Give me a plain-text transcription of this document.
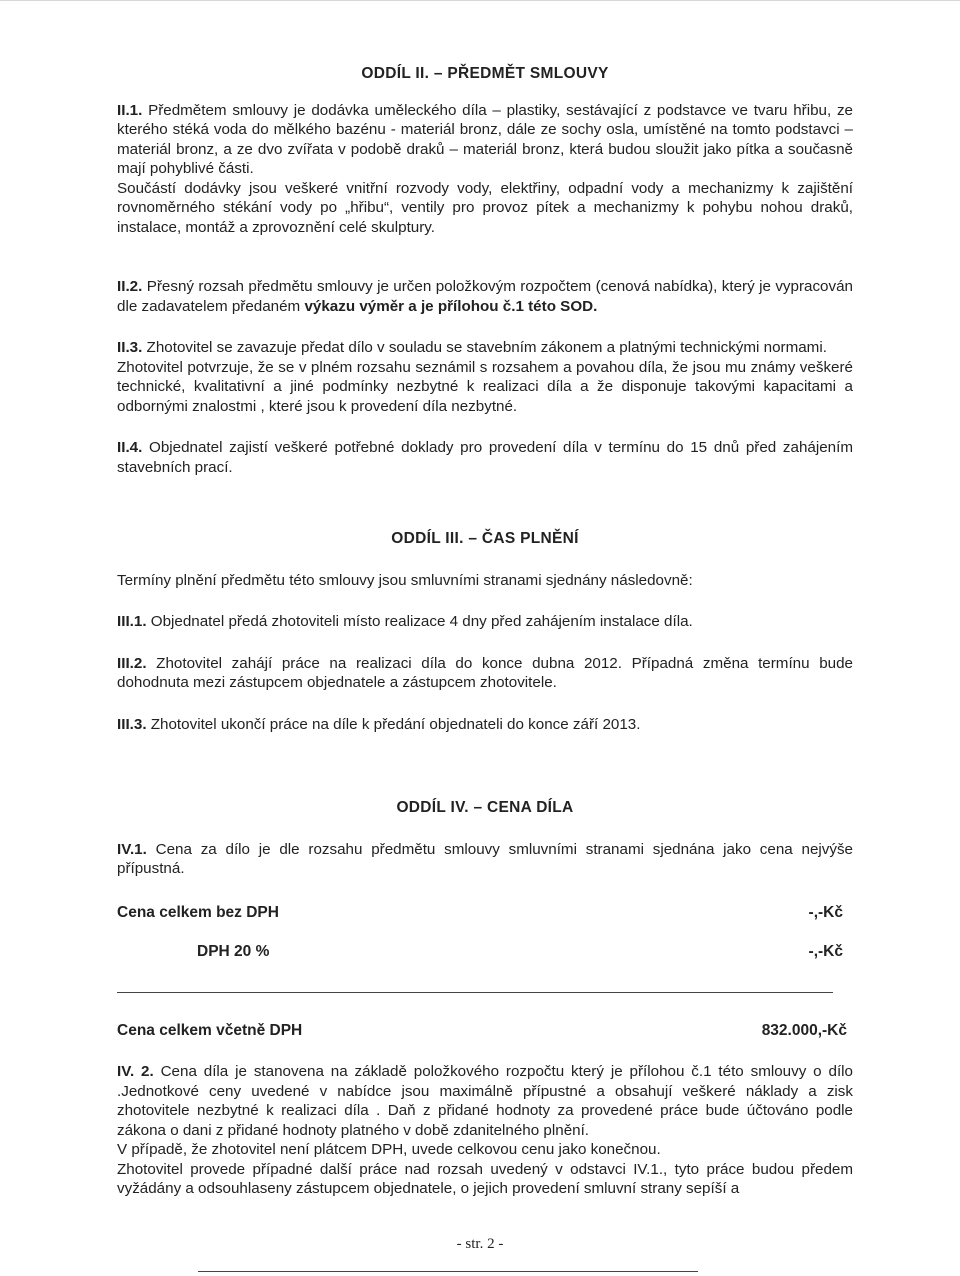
ODDÍL II. – PŘEDMĚT SMLOUVY

II.1. Předmětem smlouvy je dodávka uměleckého díla – plastiky, sestávající z podstavce ve tvaru hřibu, ze kterého stéká voda do mělkého bazénu - materiál bronz, dále ze sochy osla, umístěné na tomto podstavci – materiál bronz, a ze dvo zvířata v podobě draků – materiál bronz, která budou sloužit jako pítka a současně mají pohyblivé části.

Součástí dodávky jsou veškeré vnitřní rozvody vody, elektřiny, odpadní vody a mechanizmy k zajištění rovnoměrného stékání vody po „hřibu“, ventily pro provoz pítek a mechanizmy k pohybu nohou draků, instalace, montáž a zprovoznění celé skulptury.

II.2. Přesný rozsah předmětu smlouvy je určen položkovým rozpočtem (cenová nabídka), který je vypracován dle zadavatelem předaném výkazu výměr a je přílohou č.1 této SOD.

II.3. Zhotovitel se zavazuje předat dílo v souladu se stavebním zákonem a platnými technickými normami.

Zhotovitel potvrzuje, že se v plném rozsahu seznámil s rozsahem a povahou díla, že jsou mu známy veškeré technické, kvalitativní a jiné podmínky nezbytné k realizaci díla a že disponuje takovými kapacitami a odbornými znalostmi , které jsou k provedení díla nezbytné.

II.4. Objednatel zajistí veškeré potřebné doklady pro provedení díla v termínu do 15 dnů před zahájením stavebních prací.

ODDÍL III. – ČAS PLNĚNÍ

Termíny plnění předmětu této smlouvy jsou smluvními stranami sjednány následovně:

III.1. Objednatel předá zhotoviteli místo realizace 4 dny před zahájením instalace díla.

III.2. Zhotovitel zahájí práce na realizaci díla do konce dubna 2012. Případná změna termínu bude dohodnuta mezi zástupcem objednatele a zástupcem zhotovitele.

III.3. Zhotovitel ukončí práce na díle k předání objednateli do konce září 2013.

ODDÍL IV. – CENA DÍLA

IV.1. Cena za dílo je dle rozsahu předmětu smlouvy smluvními stranami sjednána jako cena nejvýše přípustná.

Cena celkem bez DPH	-,-Kč
DPH 20 %	-,-Kč
Cena celkem včetně DPH	832.000,-Kč

IV. 2. Cena díla je stanovena na základě položkového rozpočtu který je přílohou č.1 této smlouvy o dílo .Jednotkové ceny uvedené v nabídce jsou maximálně přípustné a obsahují veškeré náklady a zisk zhotovitele nezbytné k realizaci díla . Daň z přidané hodnoty za provedené práce bude účtováno podle zákona o dani z přidané hodnoty platného v době zdanitelného plnění.

V případě, že zhotovitel není plátcem DPH, uvede celkovou cenu jako konečnou.

Zhotovitel provede případné další práce nad rozsah uvedený v odstavci IV.1., tyto práce budou předem vyžádány a odsouhlaseny zástupcem objednatele, o jejich provedení smluvní strany sepíší a

- str. 2 -
